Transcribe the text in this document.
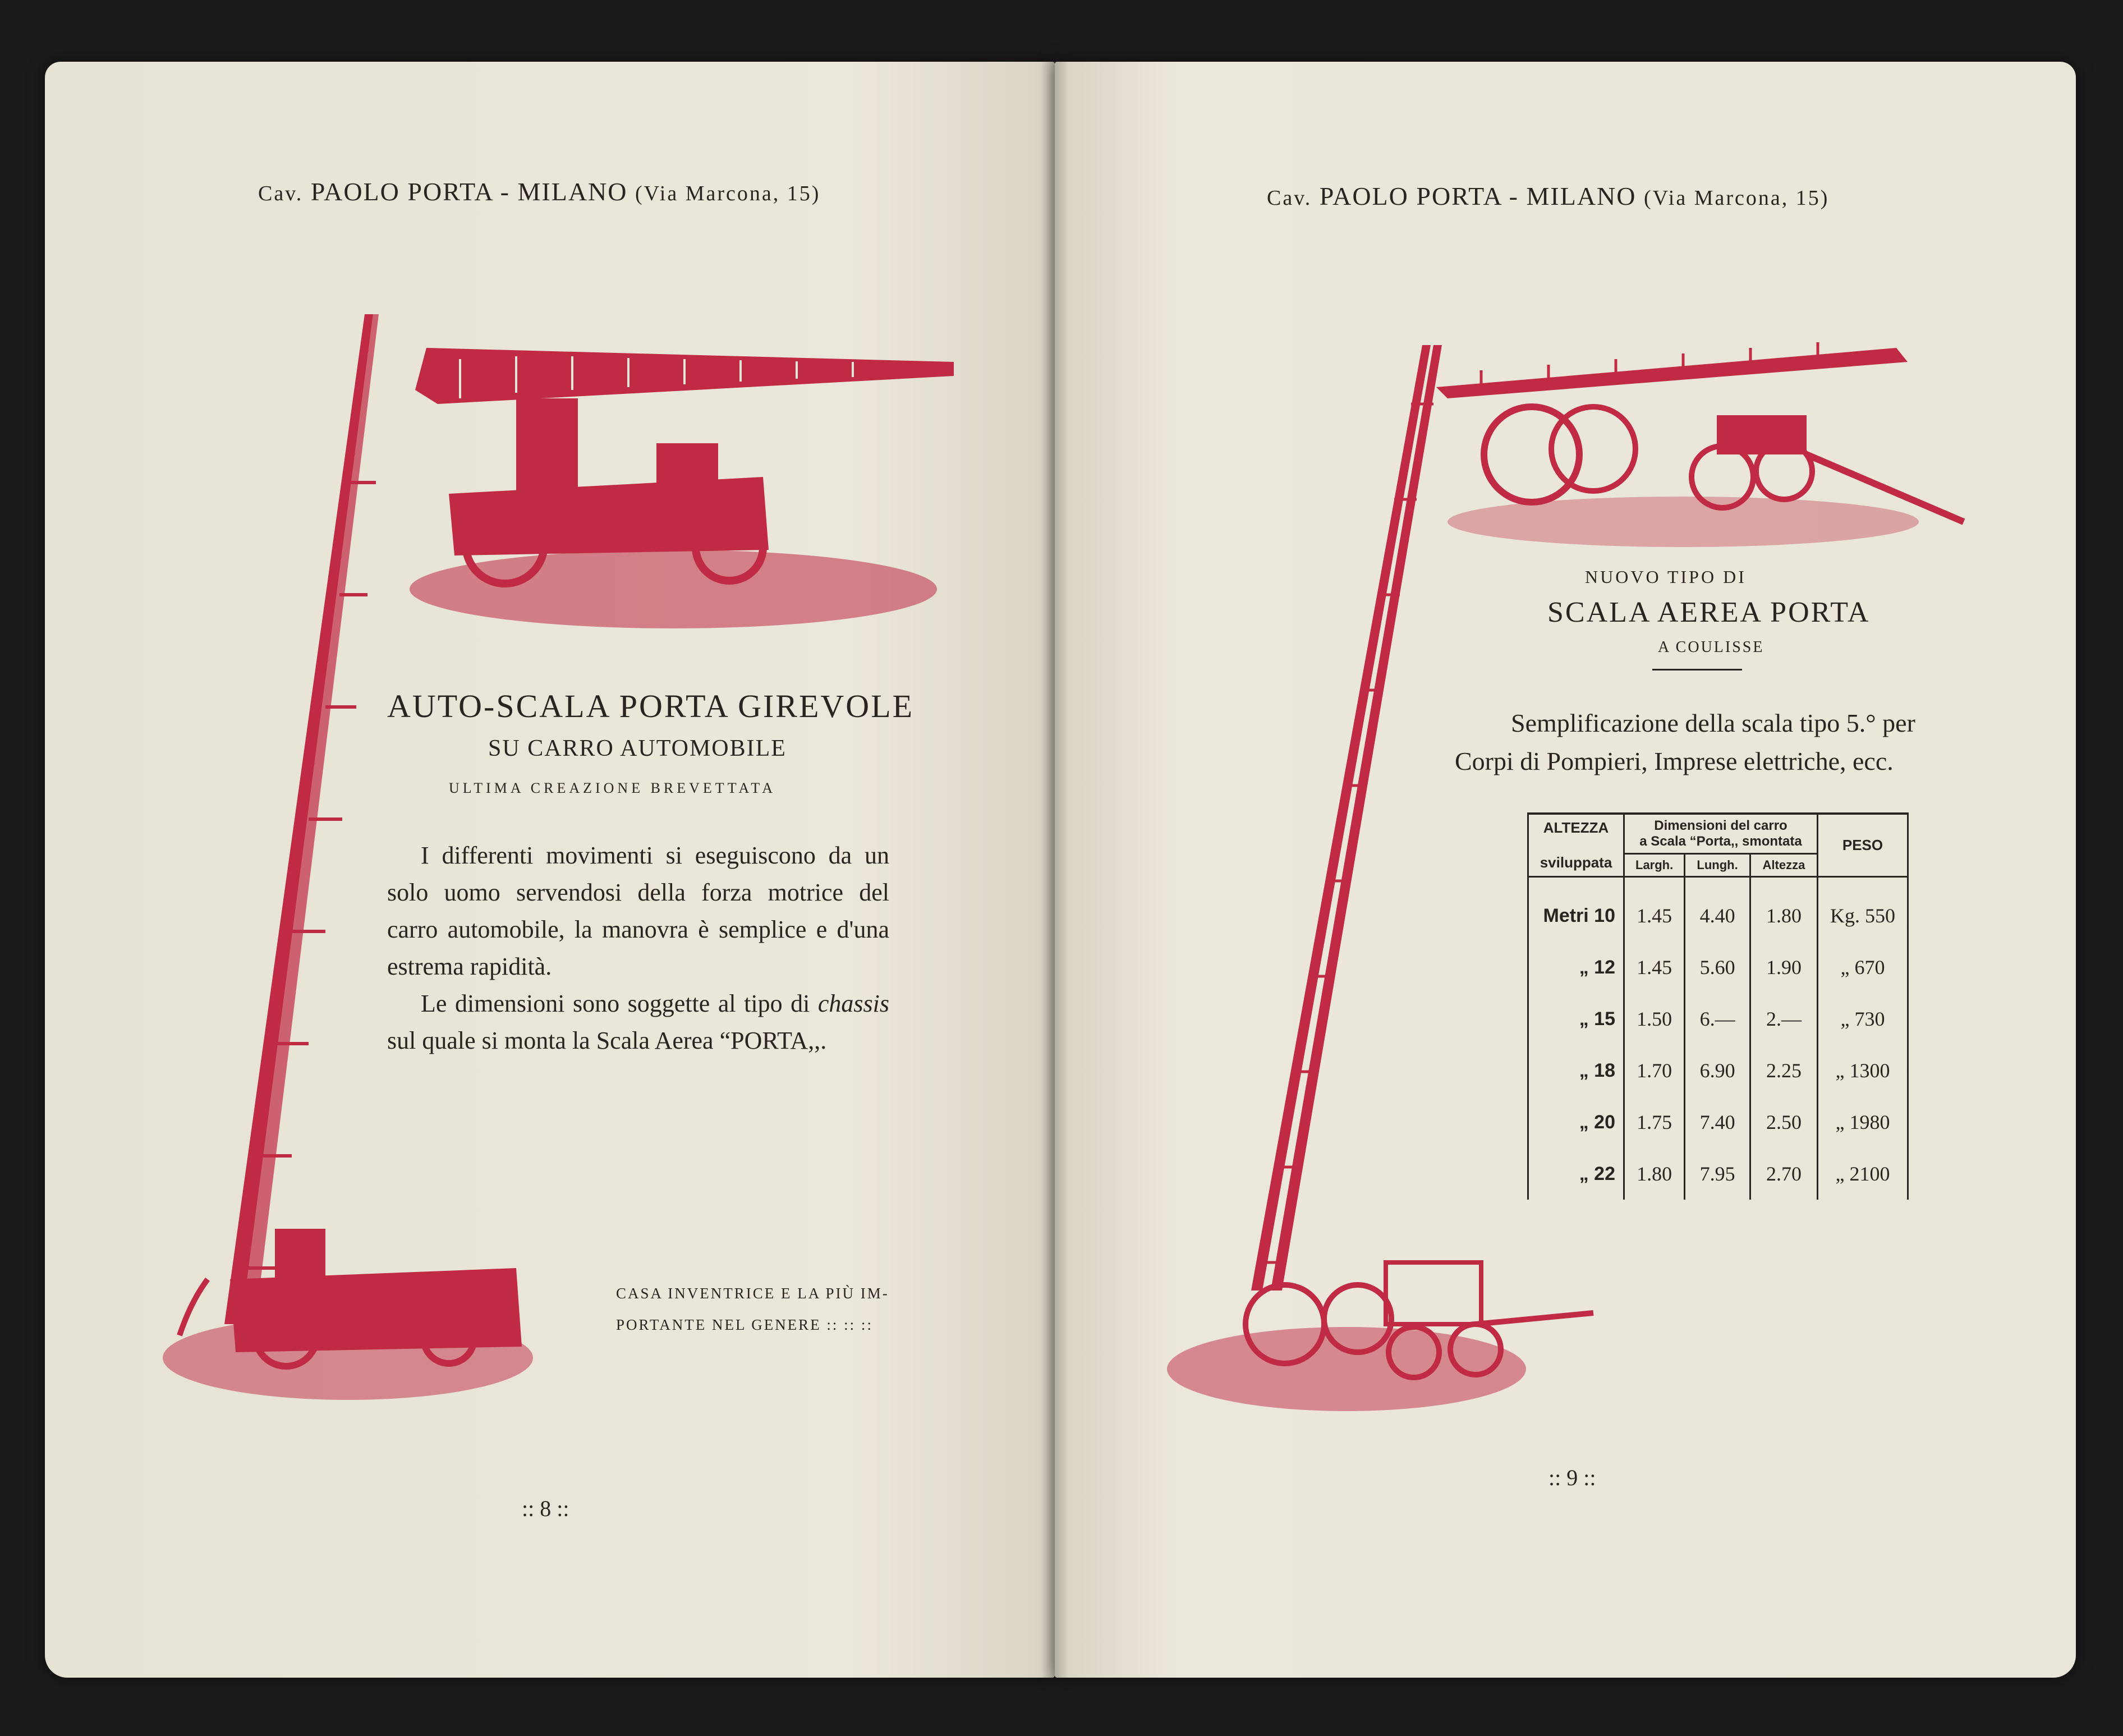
Cav. PAOLO PORTA - MILANO (Via Marcona, 15)	Cav. PAOLO PORTA - MILANO (Via Marcona, 15)
AUTO-SCALA PORTA GIREVOLE
SU CARRO AUTOMOBILE
ULTIMA CREAZIONE BREVETTATA

I differenti movimenti si eseguiscono da un

solo uomo servendosi della forza motrice del

carro automobile, la manovra è semplice e d'una

estrema rapidità.

Le dimensioni sono soggette al tipo di chassis

sul quale si monta la Scala Aerea “PORTA,,.

CASA INVENTRICE E LA PIÙ IM-
PORTANTE NEL GENERE :: :: ::
:: 8 ::
NUOVO TIPO DI
SCALA AEREA PORTA
A COULISSE
Semplificazione della scala tipo 5.° per
Corpi di Pompieri, Imprese elettriche, ecc.
ALTEZZA

sviluppata	Dimensioni del carro
a Scala “Porta,, smontata			PESO
	Largh.	Lungh.	Altezza	

Metri 10	1.45	4.40	1.80	Kg. 550
„ 12	1.45	5.60	1.90	„ 670
„ 15	1.50	6.—	2.—	„ 730
„ 18	1.70	6.90	2.25	„ 1300
„ 20	1.75	7.40	2.50	„ 1980
„ 22	1.80	7.95	2.70	„ 2100
:: 9 ::
